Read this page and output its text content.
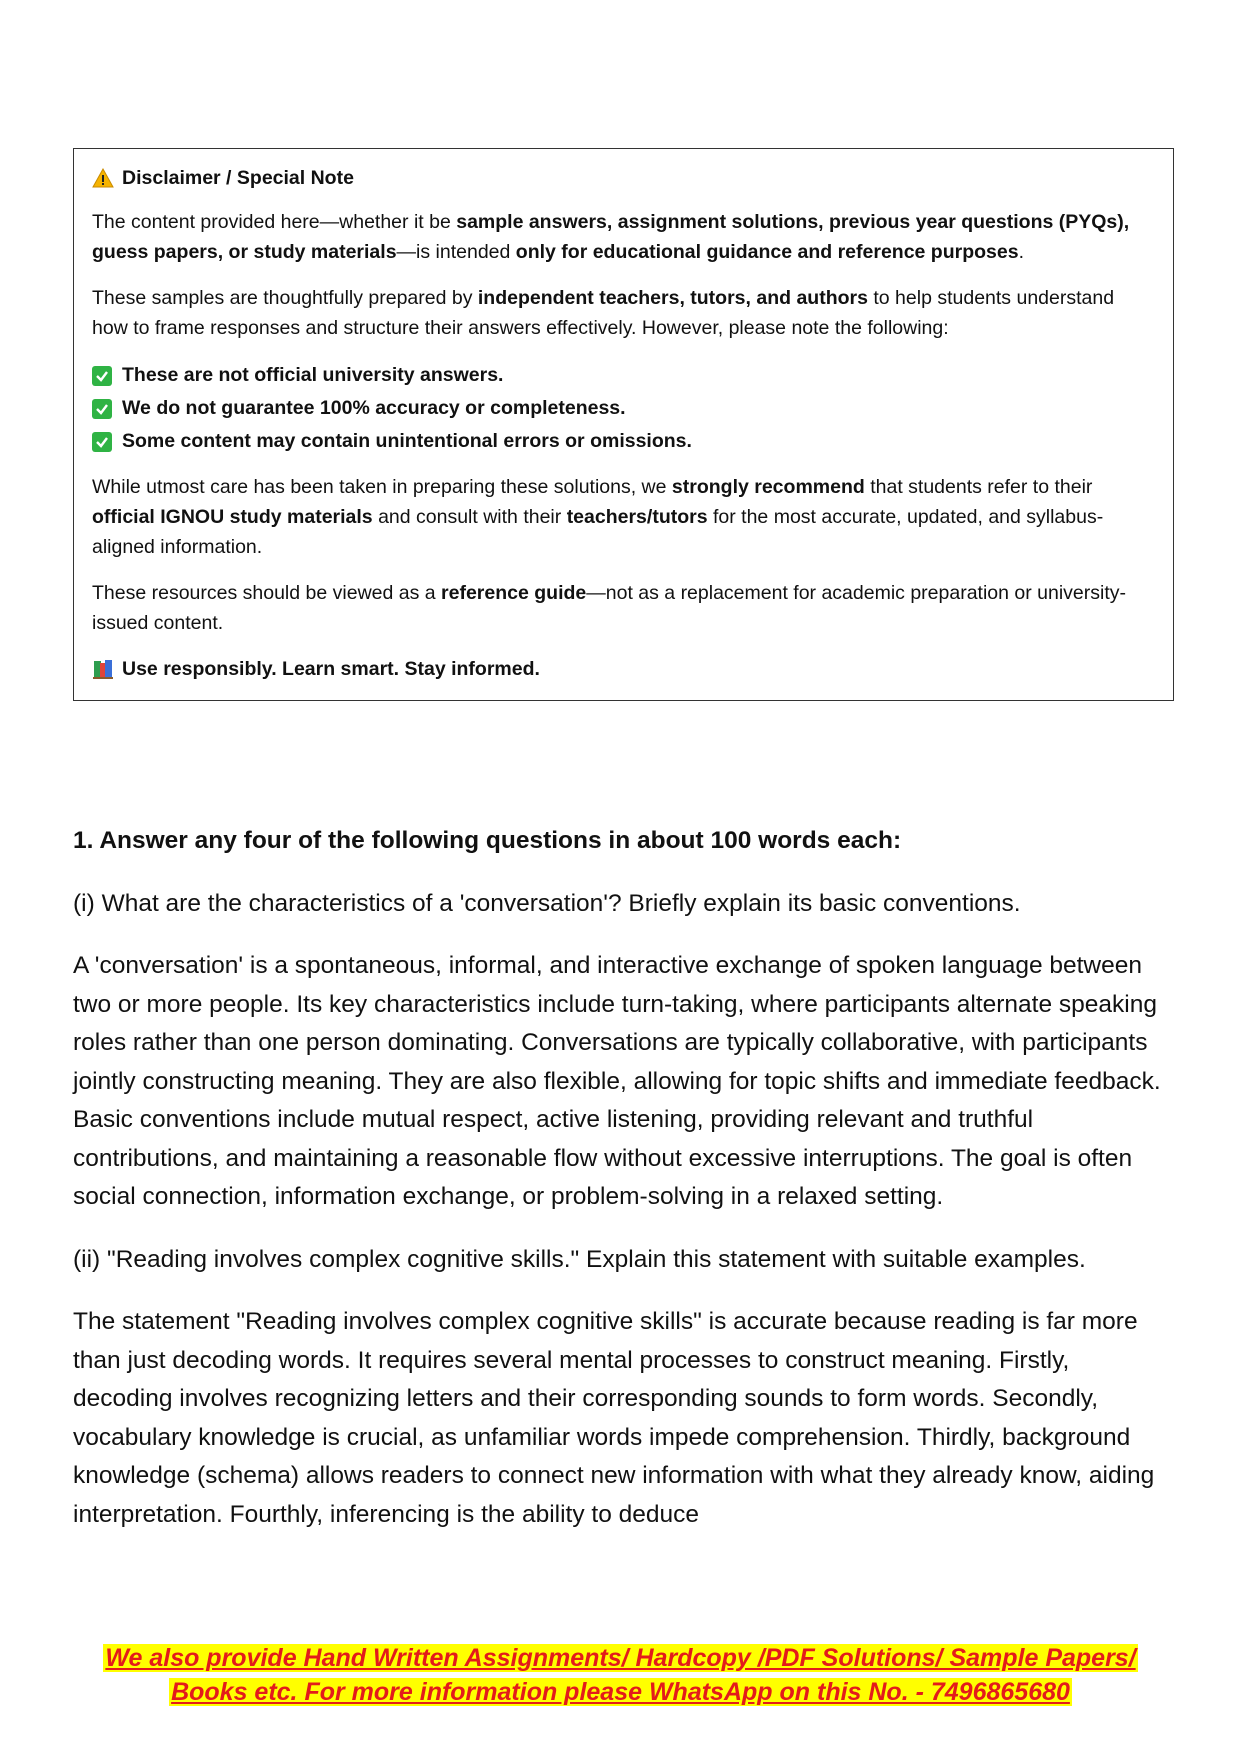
Disclaimer / Special Note

The content provided here—whether it be sample answers, assignment solutions, previous year questions (PYQs), guess papers, or study materials—is intended only for educational guidance and reference purposes.

These samples are thoughtfully prepared by independent teachers, tutors, and authors to help students understand how to frame responses and structure their answers effectively. However, please note the following:

These are not official university answers.
We do not guarantee 100% accuracy or completeness.
Some content may contain unintentional errors or omissions.

While utmost care has been taken in preparing these solutions, we strongly recommend that students refer to their official IGNOU study materials and consult with their teachers/tutors for the most accurate, updated, and syllabus-aligned information.

These resources should be viewed as a reference guide—not as a replacement for academic preparation or university-issued content.

Use responsibly. Learn smart. Stay informed.

1. Answer any four of the following questions in about 100 words each:

(i) What are the characteristics of a 'conversation'? Briefly explain its basic conventions.

A 'conversation' is a spontaneous, informal, and interactive exchange of spoken language between two or more people. Its key characteristics include turn-taking, where participants alternate speaking roles rather than one person dominating. Conversations are typically collaborative, with participants jointly constructing meaning. They are also flexible, allowing for topic shifts and immediate feedback. Basic conventions include mutual respect, active listening, providing relevant and truthful contributions, and maintaining a reasonable flow without excessive interruptions. The goal is often social connection, information exchange, or problem-solving in a relaxed setting.

(ii) "Reading involves complex cognitive skills." Explain this statement with suitable examples.

The statement "Reading involves complex cognitive skills" is accurate because reading is far more than just decoding words. It requires several mental processes to construct meaning. Firstly, decoding involves recognizing letters and their corresponding sounds to form words. Secondly, vocabulary knowledge is crucial, as unfamiliar words impede comprehension. Thirdly, background knowledge (schema) allows readers to connect new information with what they already know, aiding interpretation. Fourthly, inferencing is the ability to deduce

We also provide Hand Written Assignments/ Hardcopy /PDF Solutions/ Sample Papers/
Books etc. For more information please WhatsApp on this No. - 7496865680
